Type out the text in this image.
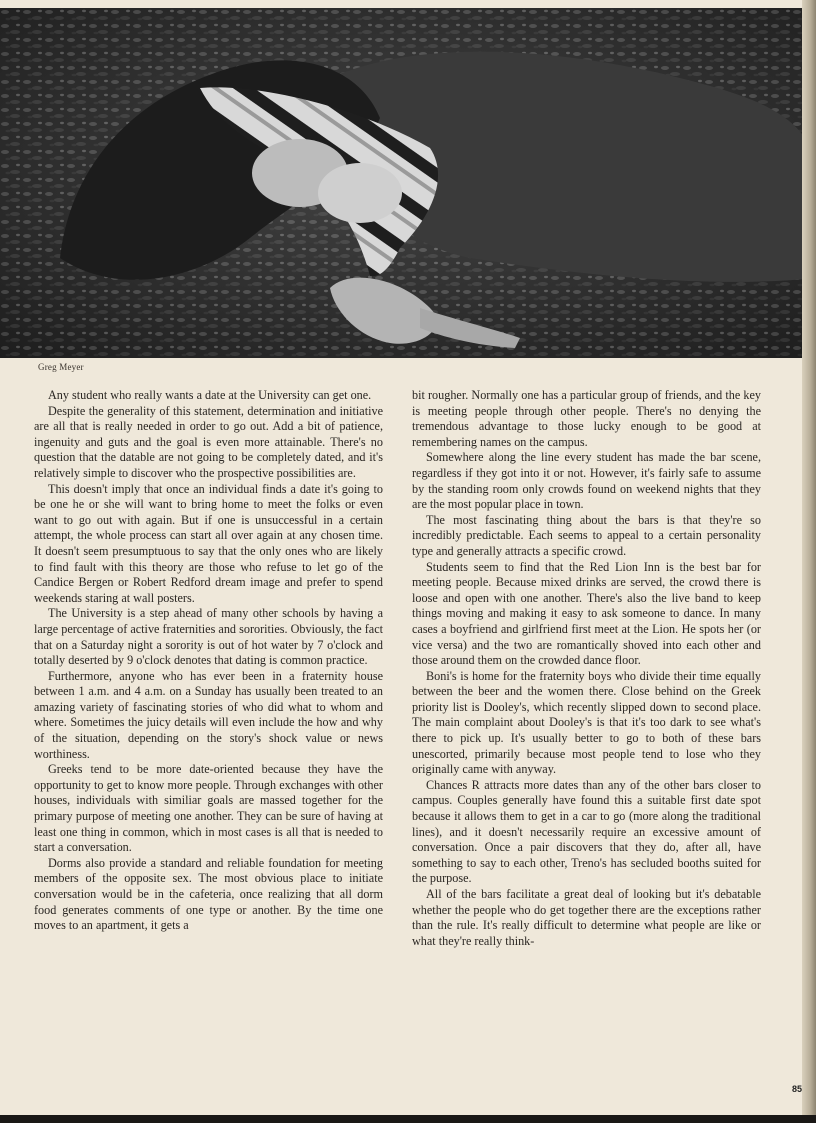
Greg Meyer

Any student who really wants a date at the University can get one.

Despite the generality of this statement, determination and initiative are all that is really needed in order to go out. Add a bit of patience, ingenuity and guts and the goal is even more attainable. There's no question that the datable are not going to be completely dated, and it's relatively simple to discover who the prospective possibilities are.

This doesn't imply that once an individual finds a date it's going to be one he or she will want to bring home to meet the folks or even want to go out with again. But if one is unsuccessful in a certain attempt, the whole process can start all over again at any chosen time. It doesn't seem presumptuous to say that the only ones who are likely to find fault with this theory are those who refuse to let go of the Candice Bergen or Robert Redford dream image and prefer to spend weekends staring at wall posters.

The University is a step ahead of many other schools by having a large percentage of active fraternities and sororities. Obviously, the fact that on a Saturday night a sorority is out of hot water by 7 o'clock and totally deserted by 9 o'clock denotes that dating is common practice.

Furthermore, anyone who has ever been in a fraternity house between 1 a.m. and 4 a.m. on a Sunday has usually been treated to an amazing variety of fascinating stories of who did what to whom and where. Sometimes the juicy details will even include the how and why of the situation, depending on the story's shock value or news worthiness.

Greeks tend to be more date-oriented because they have the opportunity to get to know more people. Through exchanges with other houses, individuals with similiar goals are massed together for the primary purpose of meeting one another. They can be sure of having at least one thing in common, which in most cases is all that is needed to start a conversation.

Dorms also provide a standard and reliable foundation for meeting members of the opposite sex. The most obvious place to initiate conversation would be in the cafeteria, once realizing that all dorm food generates comments of one type or another. By the time one moves to an apartment, it gets a

bit rougher. Normally one has a particular group of friends, and the key is meeting people through other people. There's no denying the tremendous advantage to those lucky enough to be good at remembering names on the campus.

Somewhere along the line every student has made the bar scene, regardless if they got into it or not. However, it's fairly safe to assume by the standing room only crowds found on weekend nights that they are the most popular place in town.

The most fascinating thing about the bars is that they're so incredibly predictable. Each seems to appeal to a certain personality type and generally attracts a specific crowd.

Students seem to find that the Red Lion Inn is the best bar for meeting people. Because mixed drinks are served, the crowd there is loose and open with one another. There's also the live band to keep things moving and making it easy to ask someone to dance. In many cases a boyfriend and girlfriend first meet at the Lion. He spots her (or vice versa) and the two are romantically shoved into each other and those around them on the crowded dance floor.

Boni's is home for the fraternity boys who divide their time equally between the beer and the women there. Close behind on the Greek priority list is Dooley's, which recently slipped down to second place. The main complaint about Dooley's is that it's too dark to see what's there to pick up. It's usually better to go to both of these bars unescorted, primarily because most people tend to lose who they originally came with anyway.

Chances R attracts more dates than any of the other bars closer to campus. Couples generally have found this a suitable first date spot because it allows them to get in a car to go (more along the traditional lines), and it doesn't necessarily require an excessive amount of conversation. Once a pair discovers that they do, after all, have something to say to each other, Treno's has secluded booths suited for the purpose.

All of the bars facilitate a great deal of looking but it's debatable whether the people who do get together there are the exceptions rather than the rule. It's really difficult to determine what people are like or what they're really think-

85
